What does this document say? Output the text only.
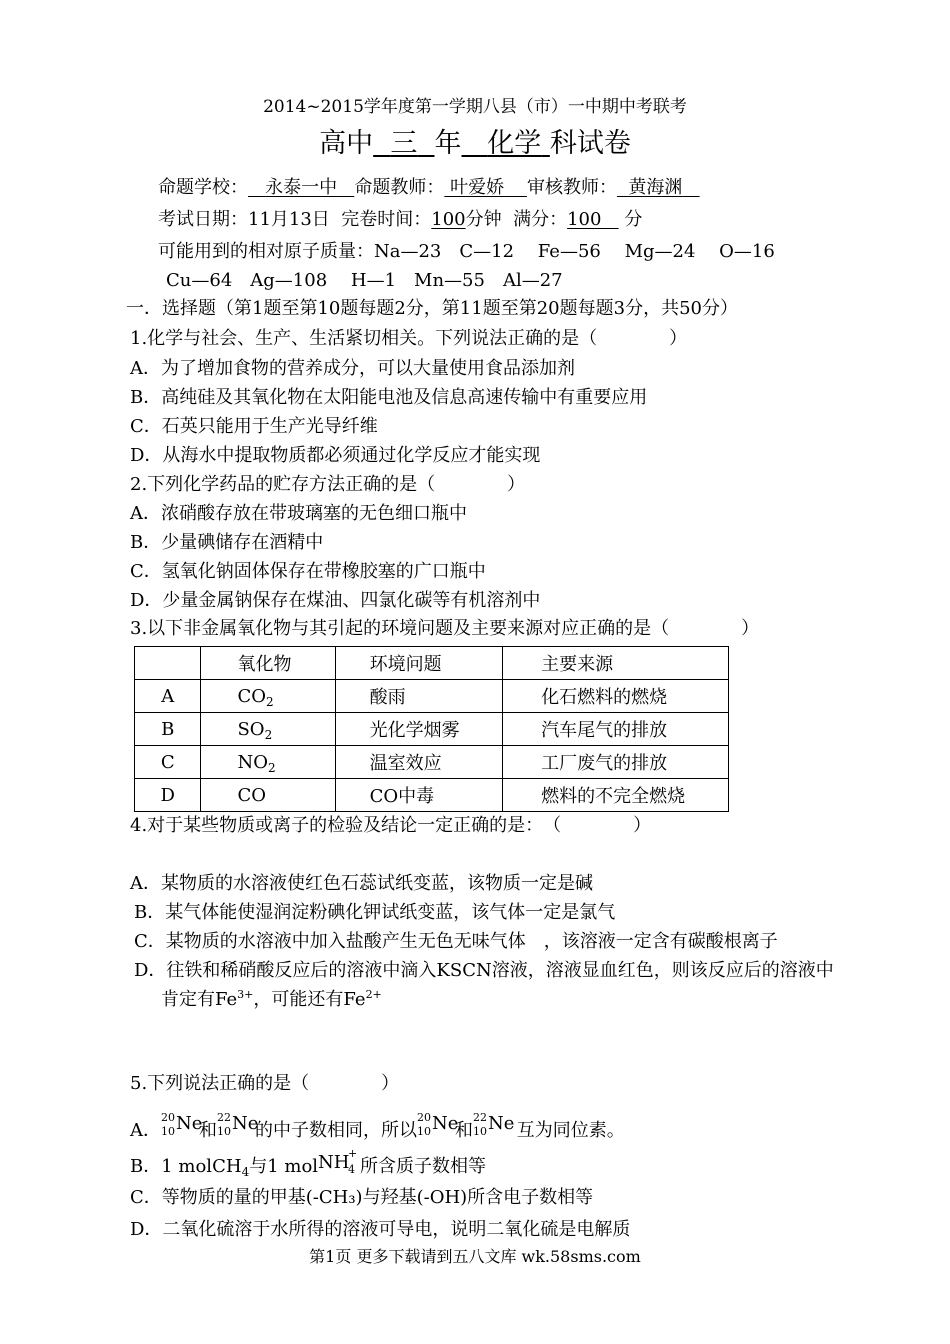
2014~2015学年度第一学期八县（市）一中期中考联考
高中 三 年 化学 科试卷
命题学校： 永泰一中 命题教师： 叶爱娇 审核教师： 黄海渊
考试日期：11月13日 完卷时间：100分钟 满分：100 分
可能用到的相对原子质量：Na—23　C—12　 Fe—56　 Mg—24　 O—16
Cu—64　Ag—108　 H—1　Mn—55　Al—27
一．选择题（第1题至第10题每题2分，第11题至第20题每题3分，共50分）
1.化学与社会、生产、生活紧切相关。下列说法正确的是（　　　　）
A．为了增加食物的营养成分，可以大量使用食品添加剂
B．高纯硅及其氧化物在太阳能电池及信息高速传输中有重要应用
C．石英只能用于生产光导纤维
D．从海水中提取物质都必须通过化学反应才能实现
2.下列化学药品的贮存方法正确的是（　　　　）
A．浓硝酸存放在带玻璃塞的无色细口瓶中
B．少量碘储存在酒精中
C．氢氧化钠固体保存在带橡胶塞的广口瓶中
D．少量金属钠保存在煤油、四氯化碳等有机溶剂中
3.以下非金属氧化物与其引起的环境问题及主要来源对应正确的是（　　　　）
	氧化物	环境问题	主要来源
A	$CO_2$	酸雨	化石燃料的燃烧
B	$SO_2$	光化学烟雾	汽车尾气的排放
C	$NO_2$	温室效应	工厂废气的排放
D	CO	CO中毒	燃料的不完全燃烧
4.对于某些物质或离子的检验及结论一定正确的是：　（　　　　）
A．某物质的水溶液使红色石蕊试纸变蓝，该物质一定是碱
B．某气体能使湿润淀粉碘化钾试纸变蓝，该气体一定是氯气
C．某物质的水溶液中加入盐酸产生无色无味气体　，该溶液一定含有碳酸根离子
D．往铁和稀硝酸反应后的溶液中滴入KSCN溶液，溶液显血红色，则该反应后的溶液中
肯定有$Fe^{3+}$，可能还有$Fe^{2+}$
5.下列说法正确的是（　　　　）
A．
20
10 Ne
和
22
10 Ne
的中子数相同，所以
20
10 Ne
和
22
10 Ne 互为同位素。
B．1 molCH$_4$与1 mol NH
+
4 所含质子数相等
C．等物质的量的甲基(-CH₃)与羟基(-OH)所含电子数相等
D．二氧化硫溶于水所得的溶液可导电，说明二氧化硫是电解质
第1页 更多下载请到五八文库 wk.58sms.com
